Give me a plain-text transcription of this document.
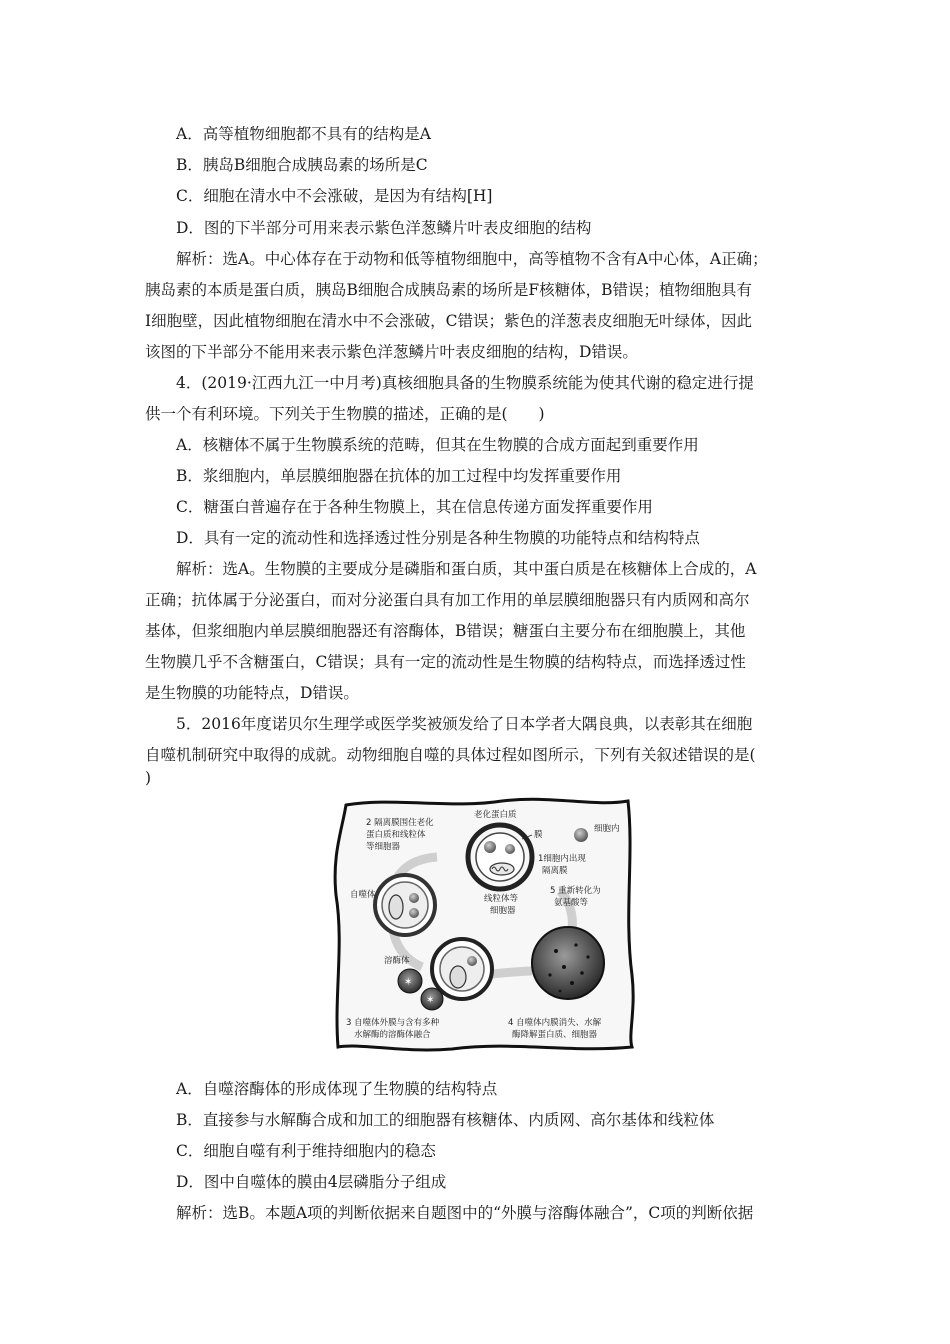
A．高等植物细胞都不具有的结构是A
B．胰岛B细胞合成胰岛素的场所是C
C．细胞在清水中不会涨破，是因为有结构[H]
D．图的下半部分可用来表示紫色洋葱鳞片叶表皮细胞的结构
解析：选A。中心体存在于动物和低等植物细胞中，高等植物不含有A中心体，A正确；
胰岛素的本质是蛋白质，胰岛B细胞合成胰岛素的场所是F核糖体，B错误；植物细胞具有
I细胞壁，因此植物细胞在清水中不会涨破，C错误；紫色的洋葱表皮细胞无叶绿体，因此
该图的下半部分不能用来表示紫色洋葱鳞片叶表皮细胞的结构，D错误。
4．(2019·江西九江一中月考)真核细胞具备的生物膜系统能为使其代谢的稳定进行提
供一个有利环境。下列关于生物膜的描述，正确的是(　　)
A．核糖体不属于生物膜系统的范畴，但其在生物膜的合成方面起到重要作用
B．浆细胞内，单层膜细胞器在抗体的加工过程中均发挥重要作用
C．糖蛋白普遍存在于各种生物膜上，其在信息传递方面发挥重要作用
D．具有一定的流动性和选择透过性分别是各种生物膜的功能特点和结构特点
解析：选A。生物膜的主要成分是磷脂和蛋白质，其中蛋白质是在核糖体上合成的，A
正确；抗体属于分泌蛋白，而对分泌蛋白具有加工作用的单层膜细胞器只有内质网和高尔
基体，但浆细胞内单层膜细胞器还有溶酶体，B错误；糖蛋白主要分布在细胞膜上，其他
生物膜几乎不含糖蛋白，C错误；具有一定的流动性是生物膜的结构特点，而选择透过性
是生物膜的功能特点，D错误。
5．2016年度诺贝尔生理学或医学奖被颁发给了日本学者大隅良典，以表彰其在细胞
自噬机制研究中取得的成就。动物细胞自噬的具体过程如图所示，下列有关叙述错误的是(
)
✶
✶
2 隔离膜围住老化
蛋白质和线粒体
等细胞器
老化蛋白质
膜
细胞内
1细胞内出现
隔离膜
自噬体	线粒体等
细胞器
5 重新转化为
氨基酸等
溶酶体
3 自噬体外膜与含有多种
水解酶的溶酶体融合
4 自噬体内膜消失、水解
酶降解蛋白质、细胞器
A．自噬溶酶体的形成体现了生物膜的结构特点
B．直接参与水解酶合成和加工的细胞器有核糖体、内质网、高尔基体和线粒体
C．细胞自噬有利于维持细胞内的稳态
D．图中自噬体的膜由4层磷脂分子组成
解析：选B。本题A项的判断依据来自题图中的“外膜与溶酶体融合”，C项的判断依据
